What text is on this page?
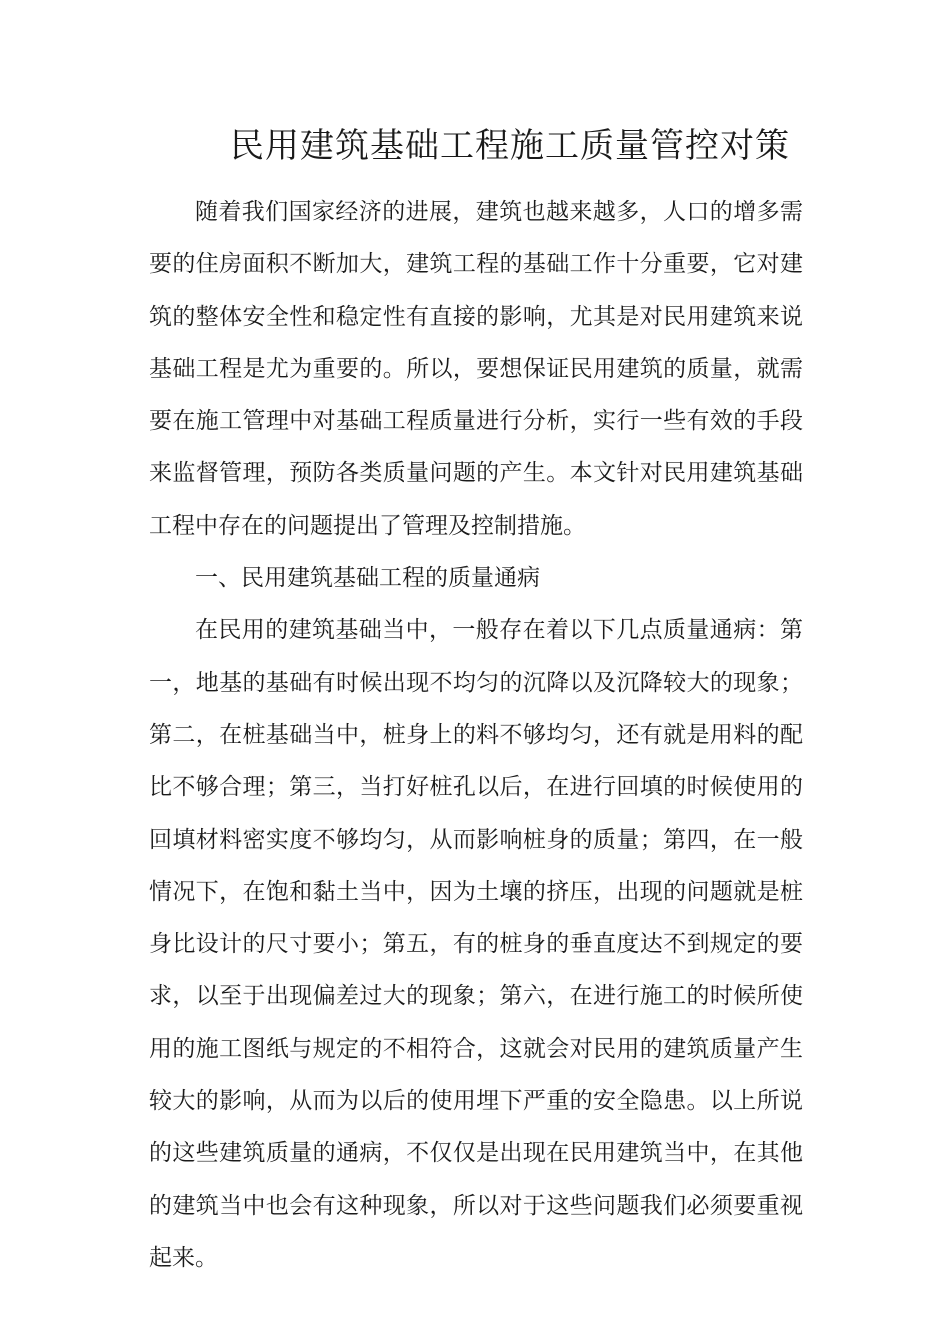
民用建筑基础工程施工质量管控对策

随着我们国家经济的进展，建筑也越来越多，人口的增多需要的住房面积不断加大，建筑工程的基础工作十分重要，它对建筑的整体安全性和稳定性有直接的影响，尤其是对民用建筑来说基础工程是尤为重要的。所以，要想保证民用建筑的质量，就需要在施工管理中对基础工程质量进行分析，实行一些有效的手段来监督管理，预防各类质量问题的产生。本文针对民用建筑基础工程中存在的问题提出了管理及控制措施。

一、民用建筑基础工程的质量通病

在民用的建筑基础当中，一般存在着以下几点质量通病：第一，地基的基础有时候出现不均匀的沉降以及沉降较大的现象；第二，在桩基础当中，桩身上的料不够均匀，还有就是用料的配比不够合理；第三，当打好桩孔以后，在进行回填的时候使用的回填材料密实度不够均匀，从而影响桩身的质量；第四，在一般情况下，在饱和黏土当中，因为土壤的挤压，出现的问题就是桩身比设计的尺寸要小；第五，有的桩身的垂直度达不到规定的要求，以至于出现偏差过大的现象；第六，在进行施工的时候所使用的施工图纸与规定的不相符合，这就会对民用的建筑质量产生较大的影响，从而为以后的使用埋下严重的安全隐患。以上所说的这些建筑质量的通病，不仅仅是出现在民用建筑当中，在其他的建筑当中也会有这种现象，所以对于这些问题我们必须要重视起来。
